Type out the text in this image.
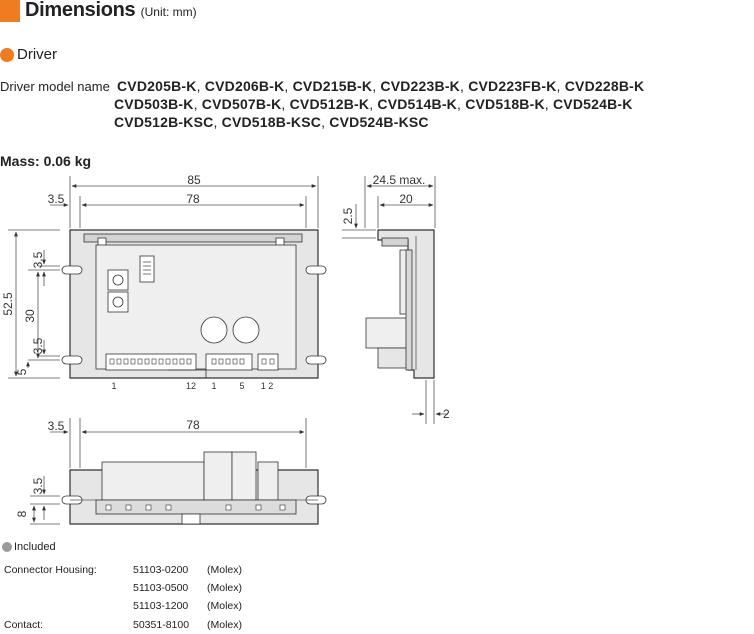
Dimensions (Unit: mm)
Driver
Driver model name CVD205B-K, CVD206B-K, CVD215B-K, CVD223B-K, CVD223FB-K, CVD228B-K
CVD503B-K, CVD507B-K, CVD512B-K, CVD514B-K, CVD518B-K, CVD524B-K
CVD512B-KSC, CVD518B-KSC, CVD524B-KSC
Mass: 0.06 kg
85
78
3.5
24.5 max.
20
2
78
3.5
52.5
30
3.5
3.5
5
2.5
3.5
8
1	12 1	5 1 2
Included
Connector Housing:	51103-0200 (Molex)
51103-0500 (Molex)
51103-1200 (Molex)
Contact:	50351-8100 (Molex)
